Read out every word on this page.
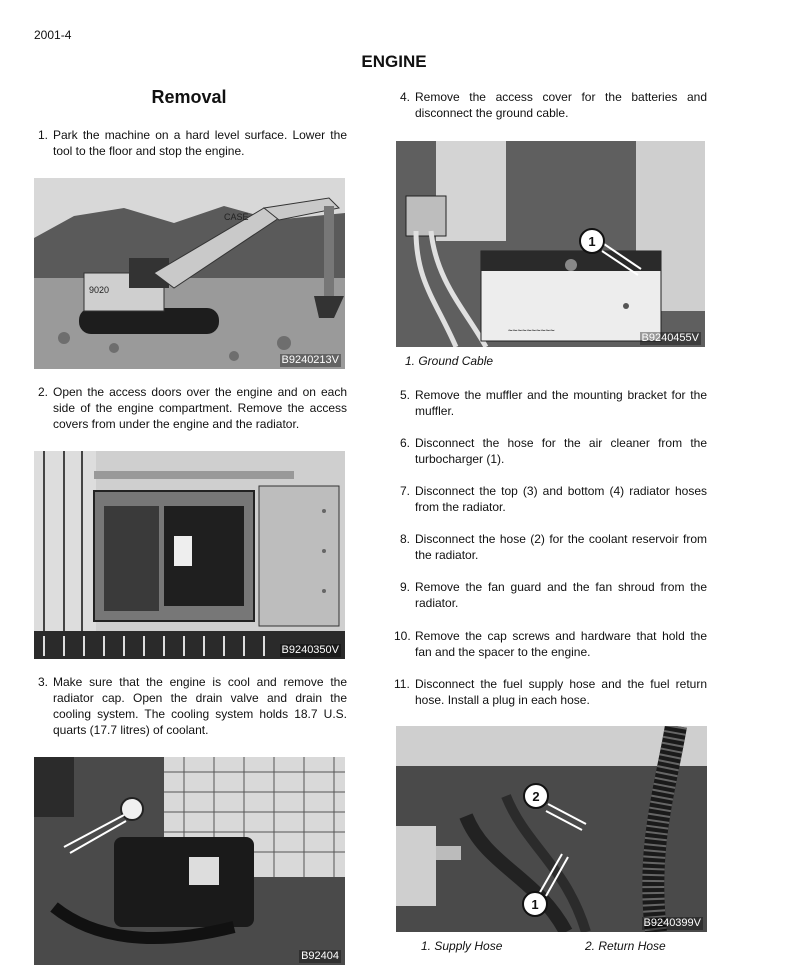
2001-4
ENGINE
Removal
1. Park the machine on a hard level surface. Lower the tool to the floor and stop the engine.
CASE
9020
B9240213V
2. Open the access doors over the engine and on each side of the engine compartment. Remove the access covers from under the engine and the radiator.
B9240350V
3. Make sure that the engine is cool and remove the radiator cap. Open the drain valve and drain the cooling system. The cooling system holds 18.7 U.S. quarts (17.7 litres) of coolant.
B92404
4. Remove the access cover for the batteries and disconnect the ground cable.
~~~~~~~~~~
1
B9240455V
1. Ground Cable
5. Remove the muffler and the mounting bracket for the muffler.
6. Disconnect the hose for the air cleaner from the turbocharger (1).
7. Disconnect the top (3) and bottom (4) radiator hoses from the radiator.
8. Disconnect the hose (2) for the coolant reservoir from the radiator.
9. Remove the fan guard and the fan shroud from the radiator.
10. Remove the cap screws and hardware that hold the fan and the spacer to the engine.
11. Disconnect the fuel supply hose and the fuel return hose. Install a plug in each hose.
2
1
B9240399V
1. Supply Hose	2. Return Hose
